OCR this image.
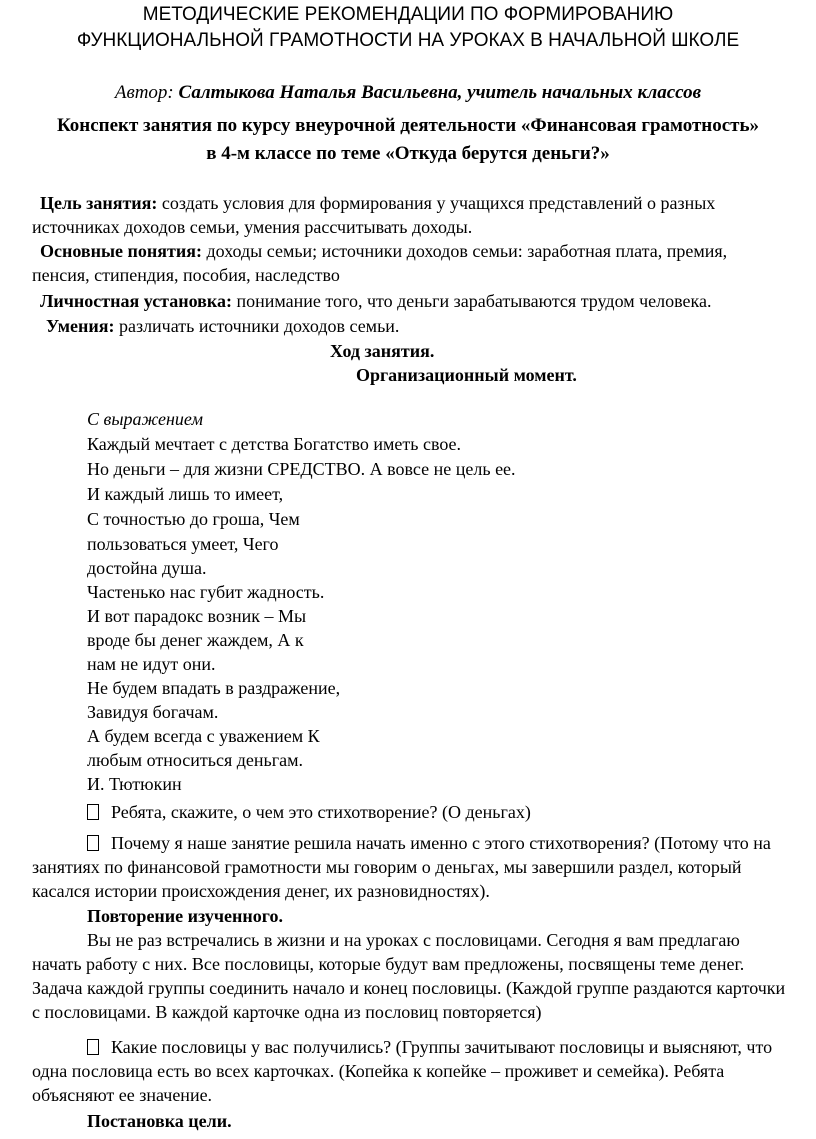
МЕТОДИЧЕСКИЕ РЕКОМЕНДАЦИИ ПО ФОРМИРОВАНИЮ
ФУНКЦИОНАЛЬНОЙ ГРАМОТНОСТИ НА УРОКАХ В НАЧАЛЬНОЙ ШКОЛЕ
Автор: Салтыкова Наталья Васильевна, учитель начальных классов
Конспект занятия по курсу внеурочной деятельности «Финансовая грамотность»
в 4-м классе по теме «Откуда берутся деньги?»
Цель занятия: создать условия для формирования у учащихся представлений о разных
источниках доходов семьи, умения рассчитывать доходы.
Основные понятия: доходы семьи; источники доходов семьи: заработная плата, премия,
пенсия, стипендия, пособия, наследство
Личностная установка: понимание того, что деньги зарабатываются трудом человека.
Умения: различать источники доходов семьи.
Ход занятия.
Организационный момент.
С выражением
Каждый мечтает с детства Богатство иметь свое.
Но деньги – для жизни СРЕДСТВО. А вовсе не цель ее.
И каждый лишь то имеет,
С точностью до гроша, Чем
пользоваться умеет, Чего
достойна душа.
Частенько нас губит жадность.
И вот парадокс возник – Мы
вроде бы денег жаждем, А к
нам не идут они.
Не будем впадать в раздражение,
Завидуя богачам.
А будем всегда с уважением К
любым относиться деньгам.
И. Тютюкин
Ребята, скажите, о чем это стихотворение? (О деньгах)
Почему я наше занятие решила начать именно с этого стихотворения? (Потому что на
занятиях по финансовой грамотности мы говорим о деньгах, мы завершили раздел, который
касался истории происхождения денег, их разновидностях).
Повторение изученного.
Вы не раз встречались в жизни и на уроках с пословицами. Сегодня я вам предлагаю
начать работу с них. Все пословицы, которые будут вам предложены, посвящены теме денег.
Задача каждой группы соединить начало и конец пословицы. (Каждой группе раздаются карточки
с пословицами. В каждой карточке одна из пословиц повторяется)
Какие пословицы у вас получились? (Группы зачитывают пословицы и выясняют, что
одна пословица есть во всех карточках. (Копейка к копейке – проживет и семейка). Ребята
объясняют ее значение.
Постановка цели.
